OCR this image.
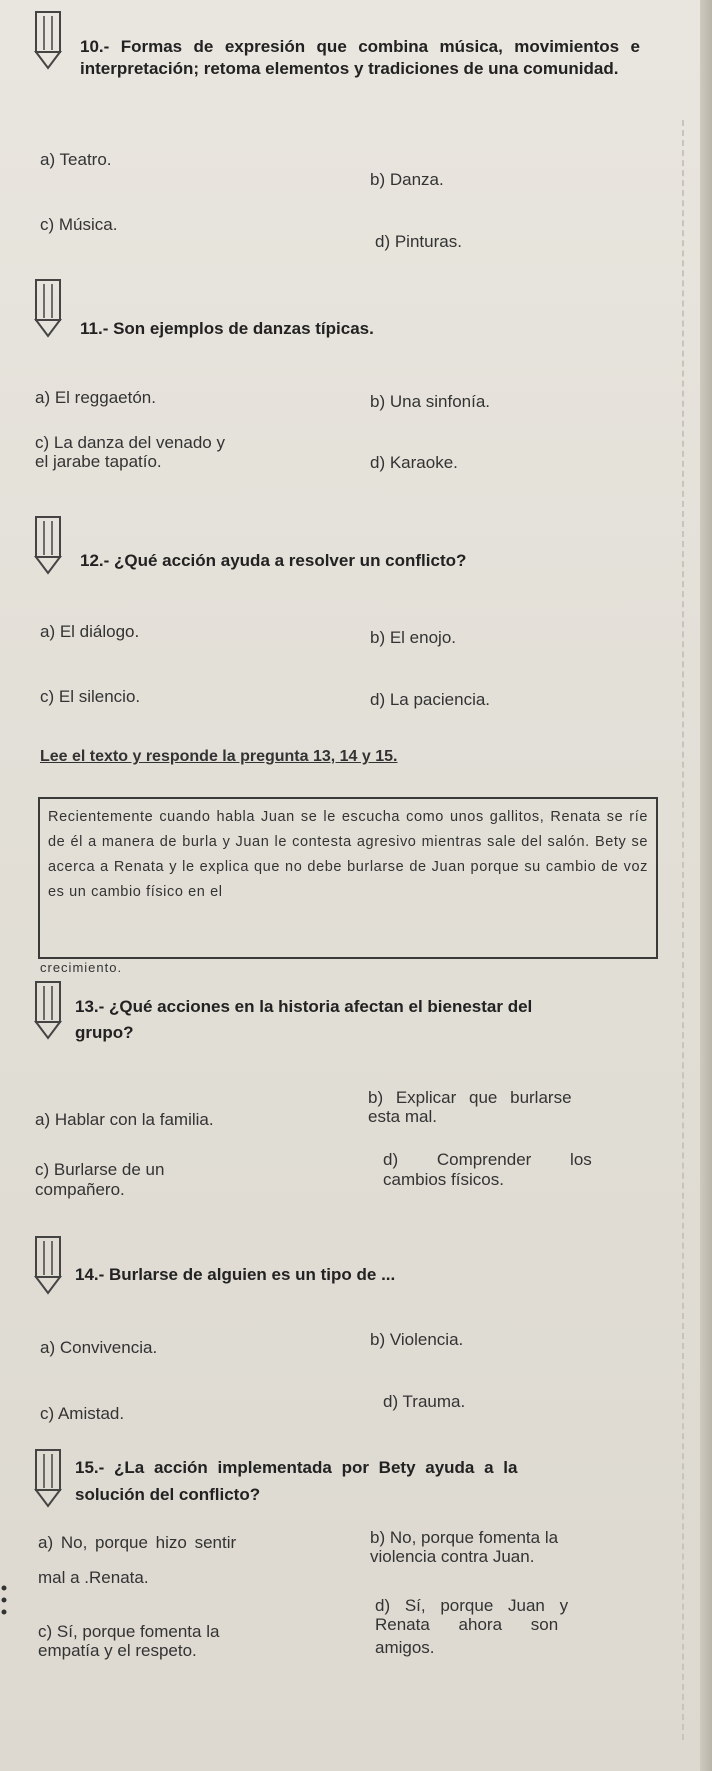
10.- Formas de expresión que combina música, movimientos e interpretación; retoma elementos y tradiciones de una comunidad.
a) Teatro.
b) Danza.
c) Música.
d) Pinturas.
11.- Son ejemplos de danzas típicas.
a) El reggaetón.	b) Una sinfonía.
c) La danza del venado y
el jarabe tapatío.	d) Karaoke.
12.- ¿Qué acción ayuda a resolver un conflicto?
a) El diálogo.	b) El enojo.
c) El silencio.	d) La paciencia.
Lee el texto y responde la pregunta 13, 14 y 15.
Recientemente cuando habla Juan se le escucha como unos gallitos, Renata se ríe de él a manera de burla y Juan le contesta agresivo mientras sale del salón. Bety se acerca a Renata y le explica que no debe burlarse de Juan porque su cambio de voz es un cambio físico en el
crecimiento.
13.- ¿Qué acciones en la historia afectan el bienestar del
grupo?
a) Hablar con la familia.
b) Explicar que burlarse
esta mal.
c) Burlarse de un
compañero.
d) Comprender los
cambios físicos.
14.- Burlarse de alguien es un tipo de ...
a) Convivencia.	b) Violencia.
c) Amistad.
d) Trauma.
15.- ¿La acción implementada por Bety ayuda a la
solución del conflicto?
a) No, porque hizo sentir
mal a .Renata.
b) No, porque fomenta la
violencia contra Juan.
c) Sí, porque fomenta la
empatía y el respeto.
d) Sí, porque Juan y
Renata ahora son
amigos.
